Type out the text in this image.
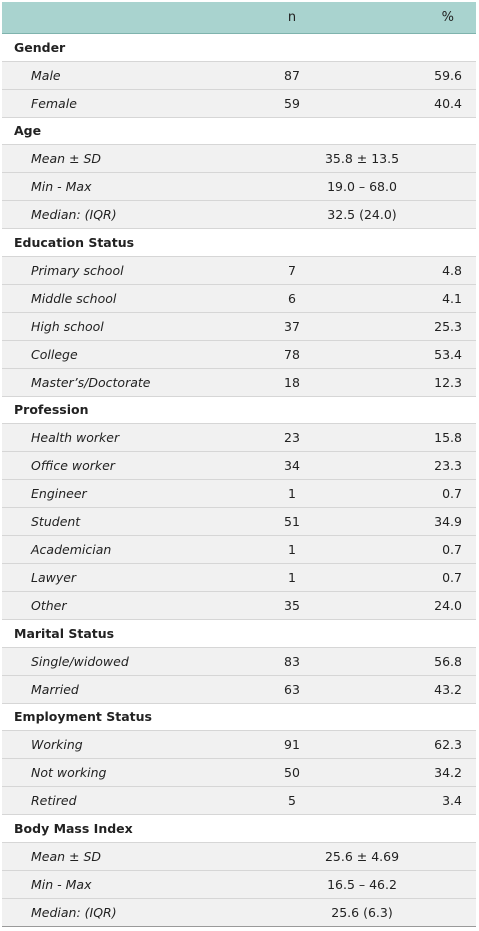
n	%
Gender
Male	87	59.6
Female	59	40.4
Age
Mean ± SD	35.8 ± 13.5
Min - Max	19.0 – 68.0
Median: (IQR)	32.5 (24.0)
Education Status
Primary school	7	4.8
Middle school	6	4.1
High school	37	25.3
College	78	53.4
Master’s/Doctorate	18	12.3
Profession
Health worker	23	15.8
Office worker	34	23.3
Engineer	1	0.7
Student	51	34.9
Academician	1	0.7
Lawyer	1	0.7
Other	35	24.0
Marital Status
Single/widowed	83	56.8
Married	63	43.2
Employment Status
Working	91	62.3
Not working	50	34.2
Retired	5	3.4
Body Mass Index
Mean ± SD	25.6 ± 4.69
Min - Max	16.5 – 46.2
Median: (IQR)	25.6 (6.3)
